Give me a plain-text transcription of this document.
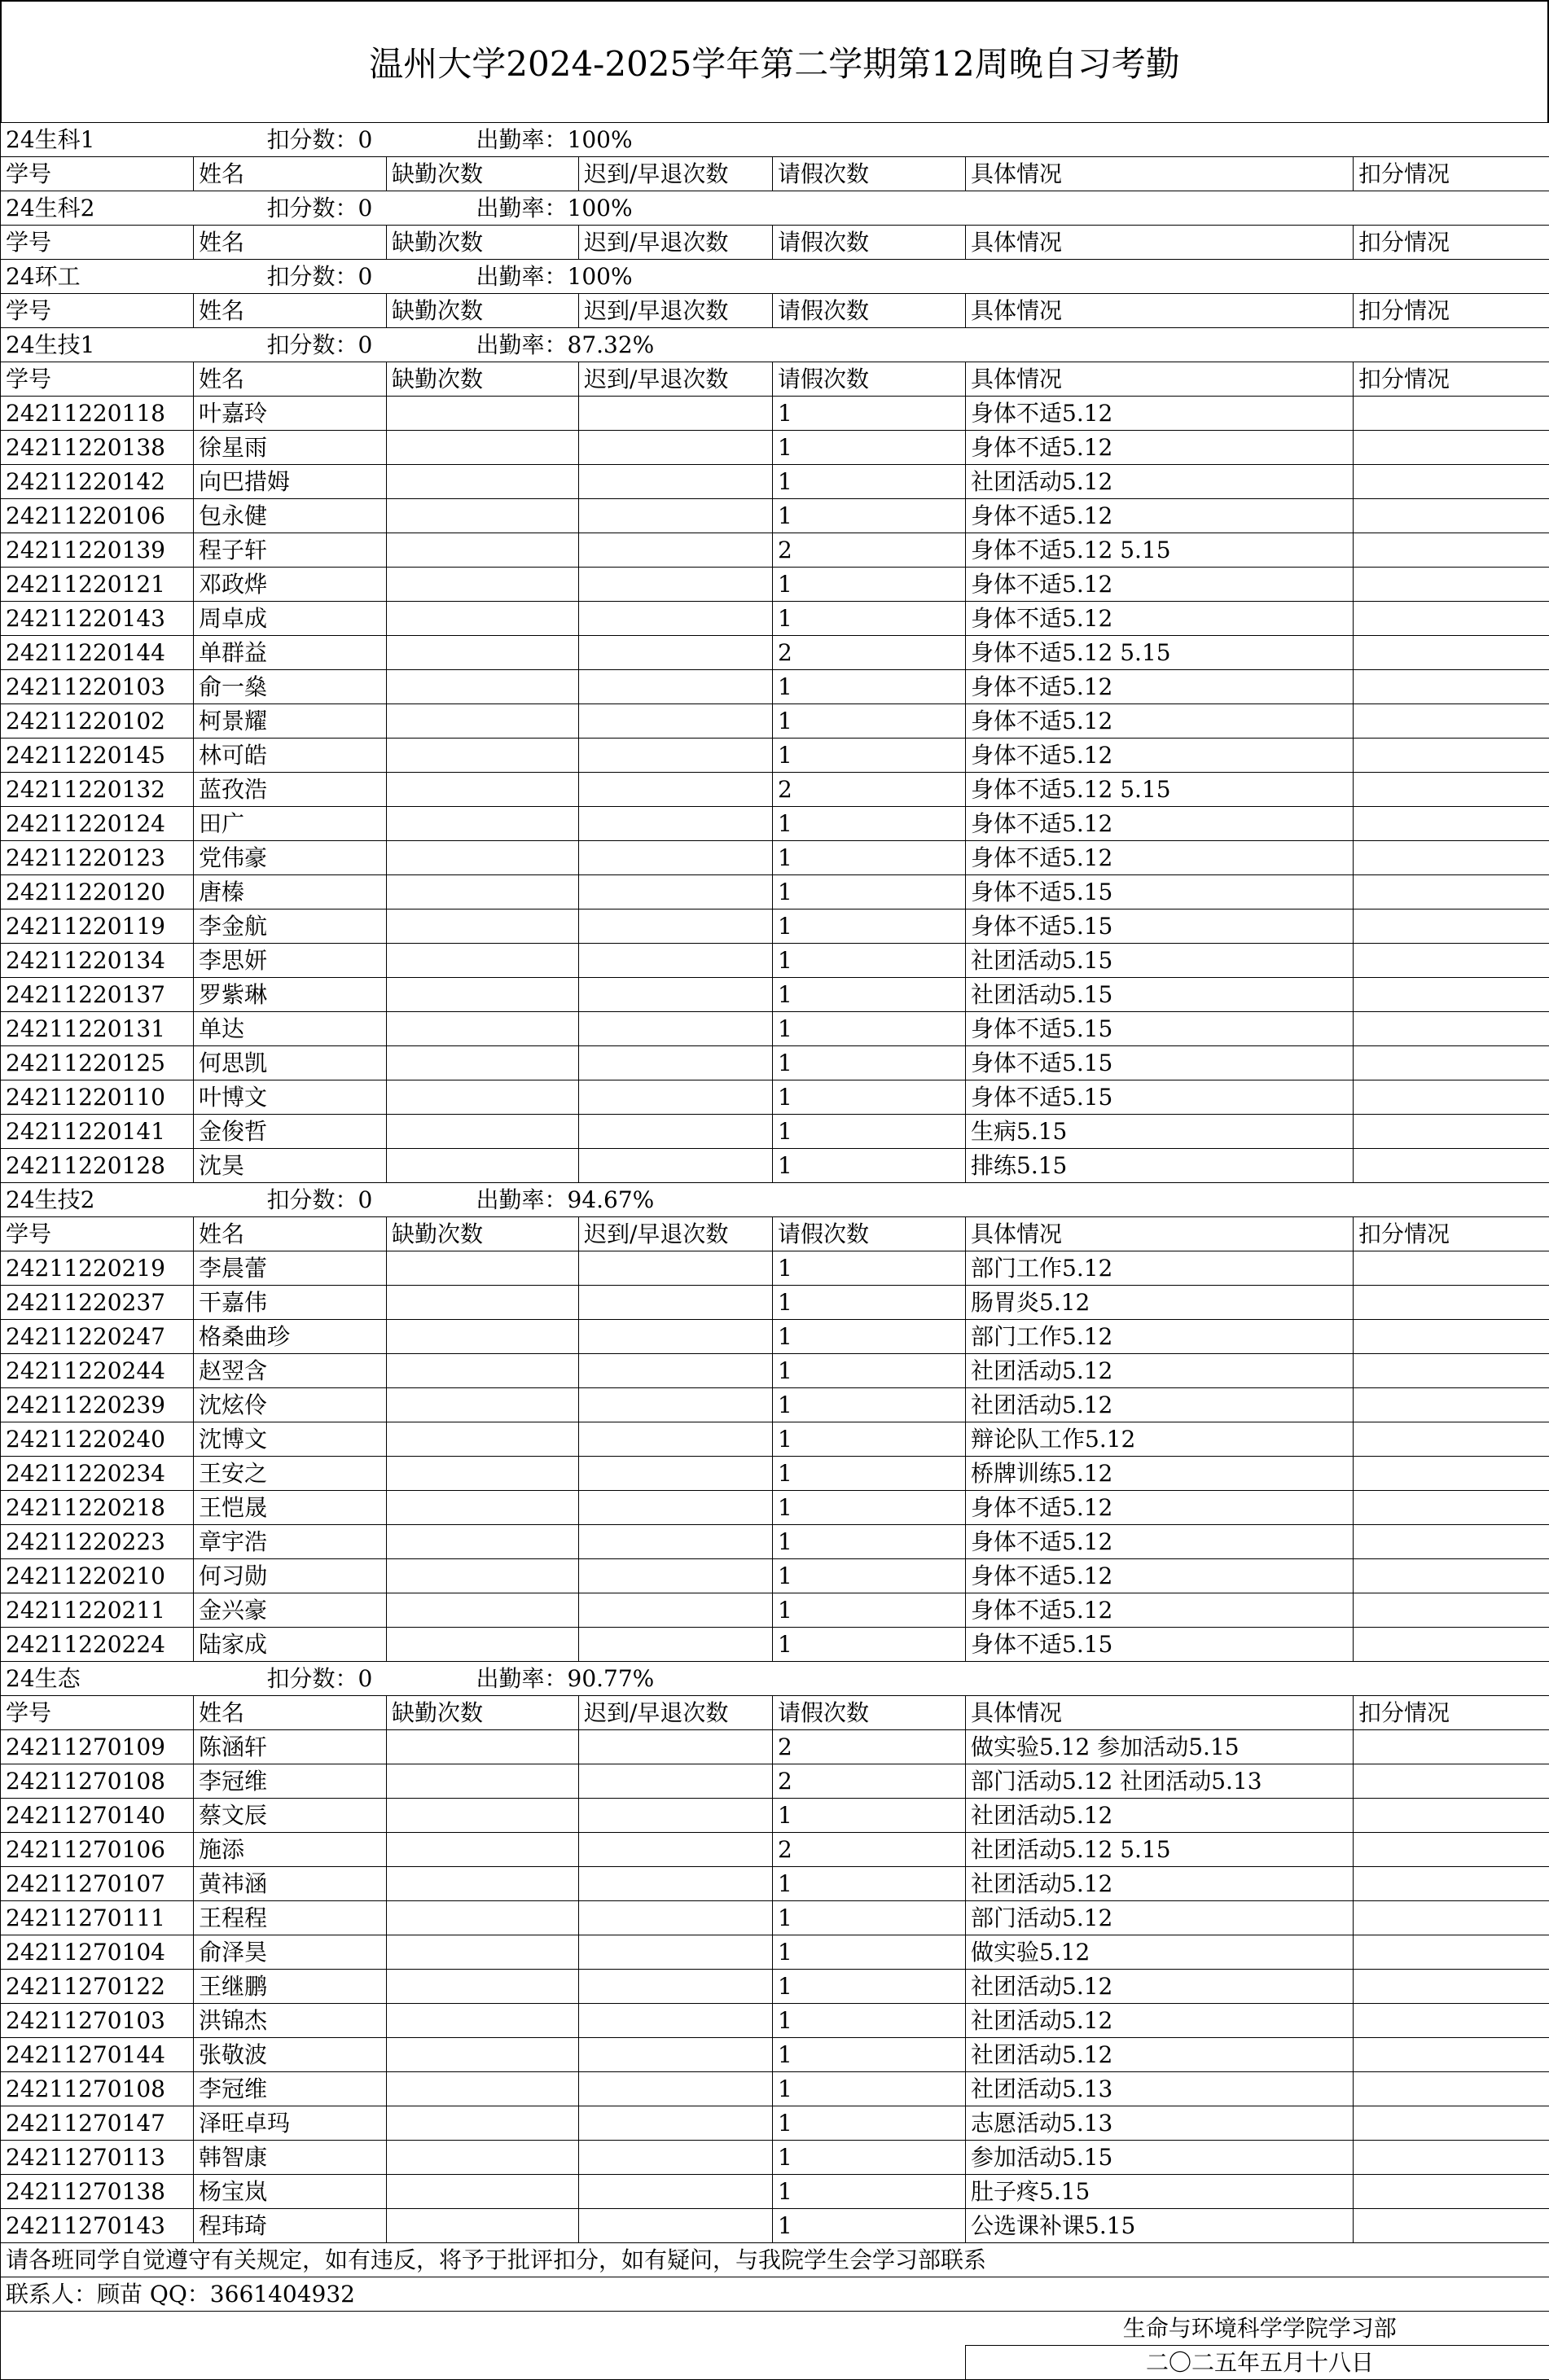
温州大学2024-2025学年第二学期第12周晚自习考勤
24生科1	扣分数：0	出勤率：100%				
学号	姓名	缺勤次数	迟到/早退次数	请假次数	具体情况	扣分情况
24生科2	扣分数：0	出勤率：100%				
学号	姓名	缺勤次数	迟到/早退次数	请假次数	具体情况	扣分情况
24环工	扣分数：0	出勤率：100%				
学号	姓名	缺勤次数	迟到/早退次数	请假次数	具体情况	扣分情况
24生技1	扣分数：0	出勤率：87.32%				
学号	姓名	缺勤次数	迟到/早退次数	请假次数	具体情况	扣分情况
24211220118	叶嘉玲			1	身体不适5.12	
24211220138	徐星雨			1	身体不适5.12	
24211220142	向巴措姆			1	社团活动5.12	
24211220106	包永健			1	身体不适5.12	
24211220139	程子轩			2	身体不适5.12 5.15	
24211220121	邓政烨			1	身体不适5.12	
24211220143	周卓成			1	身体不适5.12	
24211220144	单群益			2	身体不适5.12 5.15	
24211220103	俞一燊			1	身体不适5.12	
24211220102	柯景耀			1	身体不适5.12	
24211220145	林可皓			1	身体不适5.12	
24211220132	蓝孜浩			2	身体不适5.12 5.15	
24211220124	田广			1	身体不适5.12	
24211220123	党伟豪			1	身体不适5.12	
24211220120	唐榛			1	身体不适5.15	
24211220119	李金航			1	身体不适5.15	
24211220134	李思妍			1	社团活动5.15	
24211220137	罗紫琳			1	社团活动5.15	
24211220131	单达			1	身体不适5.15	
24211220125	何思凯			1	身体不适5.15	
24211220110	叶博文			1	身体不适5.15	
24211220141	金俊哲			1	生病5.15	
24211220128	沈昊			1	排练5.15	
24生技2	扣分数：0	出勤率：94.67%				
学号	姓名	缺勤次数	迟到/早退次数	请假次数	具体情况	扣分情况
24211220219	李晨蕾			1	部门工作5.12	
24211220237	干嘉伟			1	肠胃炎5.12	
24211220247	格桑曲珍			1	部门工作5.12	
24211220244	赵翌含			1	社团活动5.12	
24211220239	沈炫伶			1	社团活动5.12	
24211220240	沈博文			1	辩论队工作5.12	
24211220234	王安之			1	桥牌训练5.12	
24211220218	王恺晟			1	身体不适5.12	
24211220223	章宇浩			1	身体不适5.12	
24211220210	何习勋			1	身体不适5.12	
24211220211	金兴豪			1	身体不适5.12	
24211220224	陆家成			1	身体不适5.15	
24生态	扣分数：0	出勤率：90.77%				
学号	姓名	缺勤次数	迟到/早退次数	请假次数	具体情况	扣分情况
24211270109	陈涵轩			2	做实验5.12 参加活动5.15	
24211270108	李冠维			2	部门活动5.12 社团活动5.13	
24211270140	蔡文辰			1	社团活动5.12	
24211270106	施添			2	社团活动5.12 5.15	
24211270107	黄祎涵			1	社团活动5.12	
24211270111	王程程			1	部门活动5.12	
24211270104	俞泽昊			1	做实验5.12	
24211270122	王继鹏			1	社团活动5.12	
24211270103	洪锦杰			1	社团活动5.12	
24211270144	张敬波			1	社团活动5.12	
24211270108	李冠维			1	社团活动5.13	
24211270147	泽旺卓玛			1	志愿活动5.13	
24211270113	韩智康			1	参加活动5.15	
24211270138	杨宝岚			1	肚子疼5.15	
24211270143	程玮琦			1	公选课补课5.15	
请各班同学自觉遵守有关规定，如有违反，将予于批评扣分，如有疑问，与我院学生会学习部联系						
联系人：顾苗 QQ：3661404932						
					生命与环境科学学院学习部	
					二〇二五年五月十八日	
